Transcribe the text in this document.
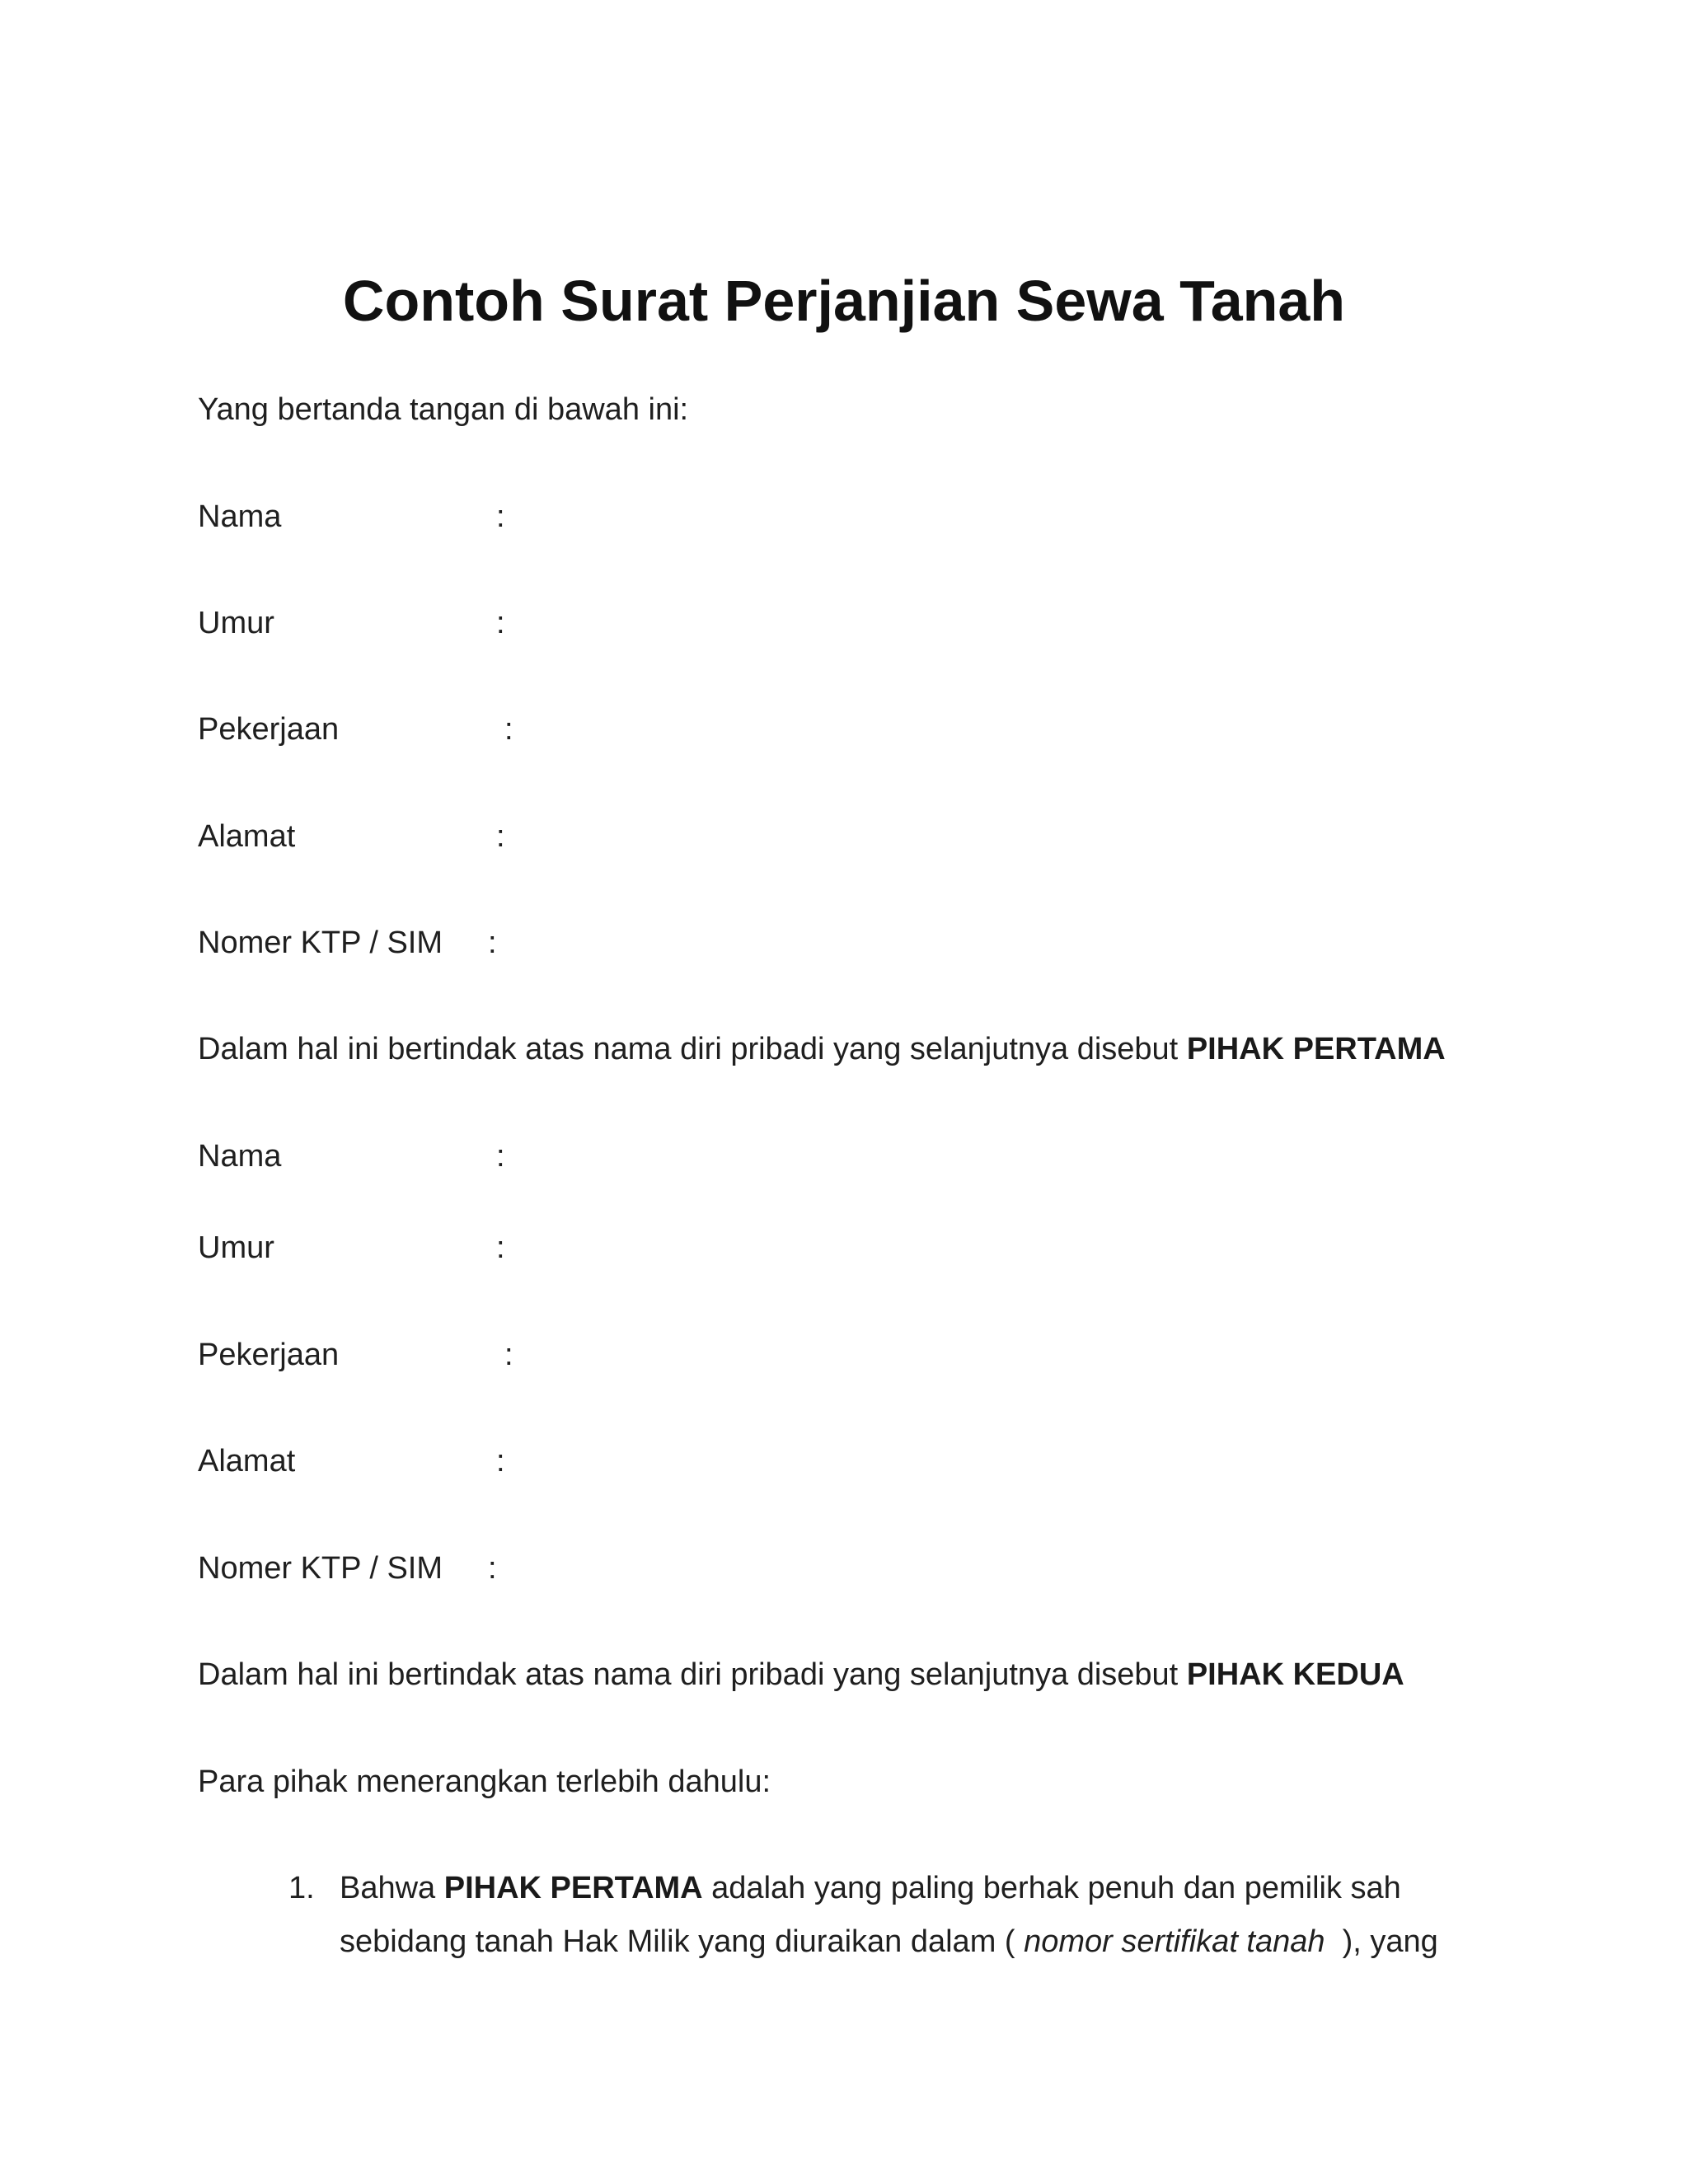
Contoh Surat Perjanjian Sewa Tanah
Yang bertanda tangan di bawah ini:
Nama	:
Umur	:
Pekerjaan	:
Alamat	:
Nomer KTP / SIM :
Dalam hal ini bertindak atas nama diri pribadi yang selanjutnya disebut PIHAK PERTAMA
Nama	:
Umur	:
Pekerjaan	:
Alamat	:
Nomer KTP / SIM :
Dalam hal ini bertindak atas nama diri pribadi yang selanjutnya disebut PIHAK KEDUA
Para pihak menerangkan terlebih dahulu:
1. Bahwa PIHAK PERTAMA adalah yang paling berhak penuh dan pemilik sah
sebidang tanah Hak Milik yang diuraikan dalam ( nomor sertifikat tanah  ), yang
